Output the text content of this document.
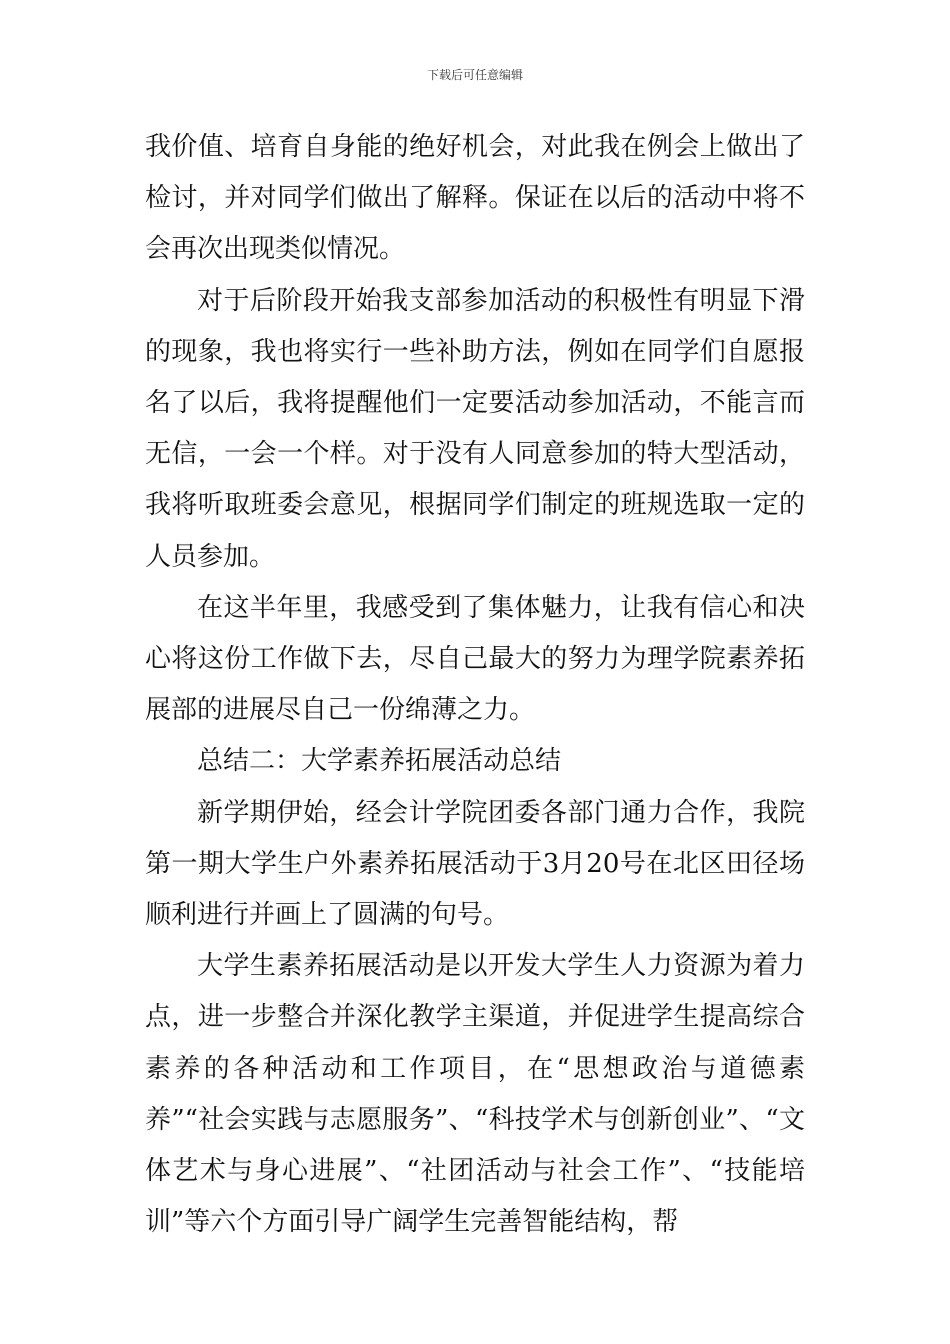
下载后可任意编辑

我价值、培育自身能的绝好机会，对此我在例会上做出了检讨，并对同学们做出了解释。保证在以后的活动中将不会再次出现类似情况。

对于后阶段开始我支部参加活动的积极性有明显下滑的现象，我也将实行一些补助方法，例如在同学们自愿报名了以后，我将提醒他们一定要活动参加活动，不能言而无信，一会一个样。对于没有人同意参加的特大型活动，我将听取班委会意见，根据同学们制定的班规选取一定的人员参加。

在这半年里，我感受到了集体魅力，让我有信心和决心将这份工作做下去，尽自己最大的努力为理学院素养拓展部的进展尽自己一份绵薄之力。

总结二：大学素养拓展活动总结

新学期伊始，经会计学院团委各部门通力合作，我院第一期大学生户外素养拓展活动于3月20号在北区田径场顺利进行并画上了圆满的句号。

大学生素养拓展活动是以开发大学生人力资源为着力点，进一步整合并深化教学主渠道，并促进学生提高综合素养的各种活动和工作项目，在“思想政治与道德素养”“社会实践与志愿服务”、“科技学术与创新创业”、“文体艺术与身心进展”、“社团活动与社会工作”、“技能培训”等六个方面引导广阔学生完善智能结构，帮
